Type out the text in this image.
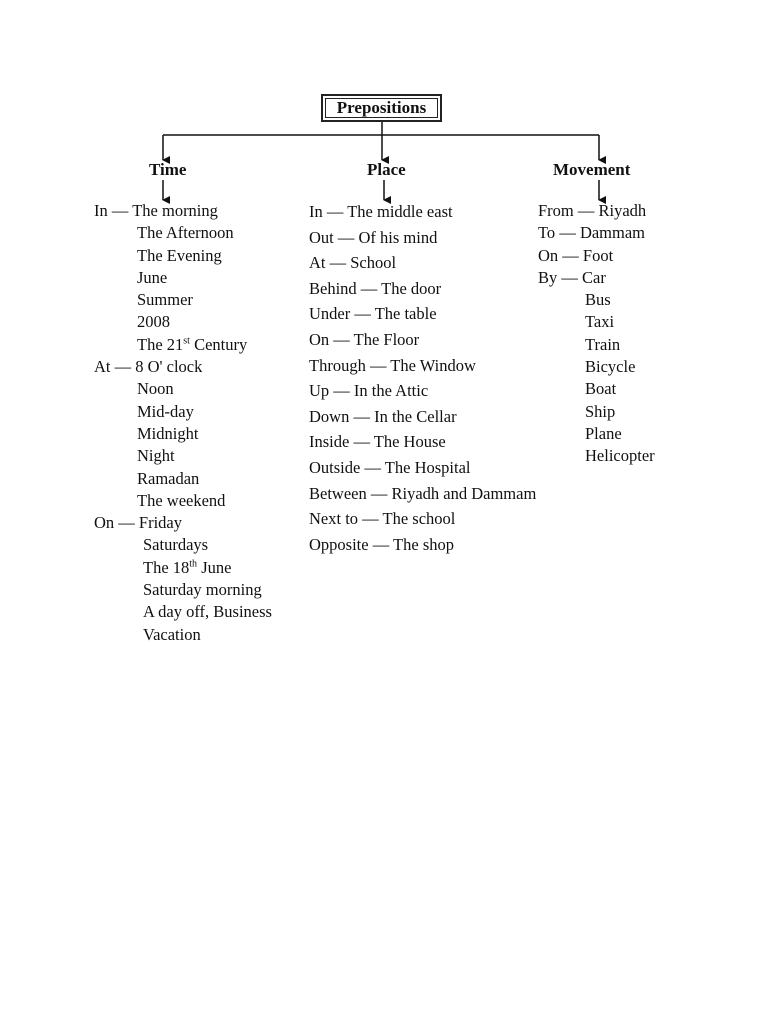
Prepositions
Time	Place	Movement
In — The morning
The Afternoon
The Evening
June
Summer
2008
The 21st Century
At — 8 O' clock
Noon
Mid-day
Midnight
Night
Ramadan
The weekend
On — Friday
Saturdays
The 18th June
Saturday morning
A day off, Business
Vacation
In — The middle east
Out — Of his mind
At — School
Behind — The door
Under — The table
On — The Floor
Through — The Window
Up — In the Attic
Down — In the Cellar
Inside — The House
Outside — The Hospital
Between — Riyadh and Dammam
Next to — The school
Opposite — The shop
From — Riyadh
To — Dammam
On — Foot
By — Car
Bus
Taxi
Train
Bicycle
Boat
Ship
Plane
Helicopter
